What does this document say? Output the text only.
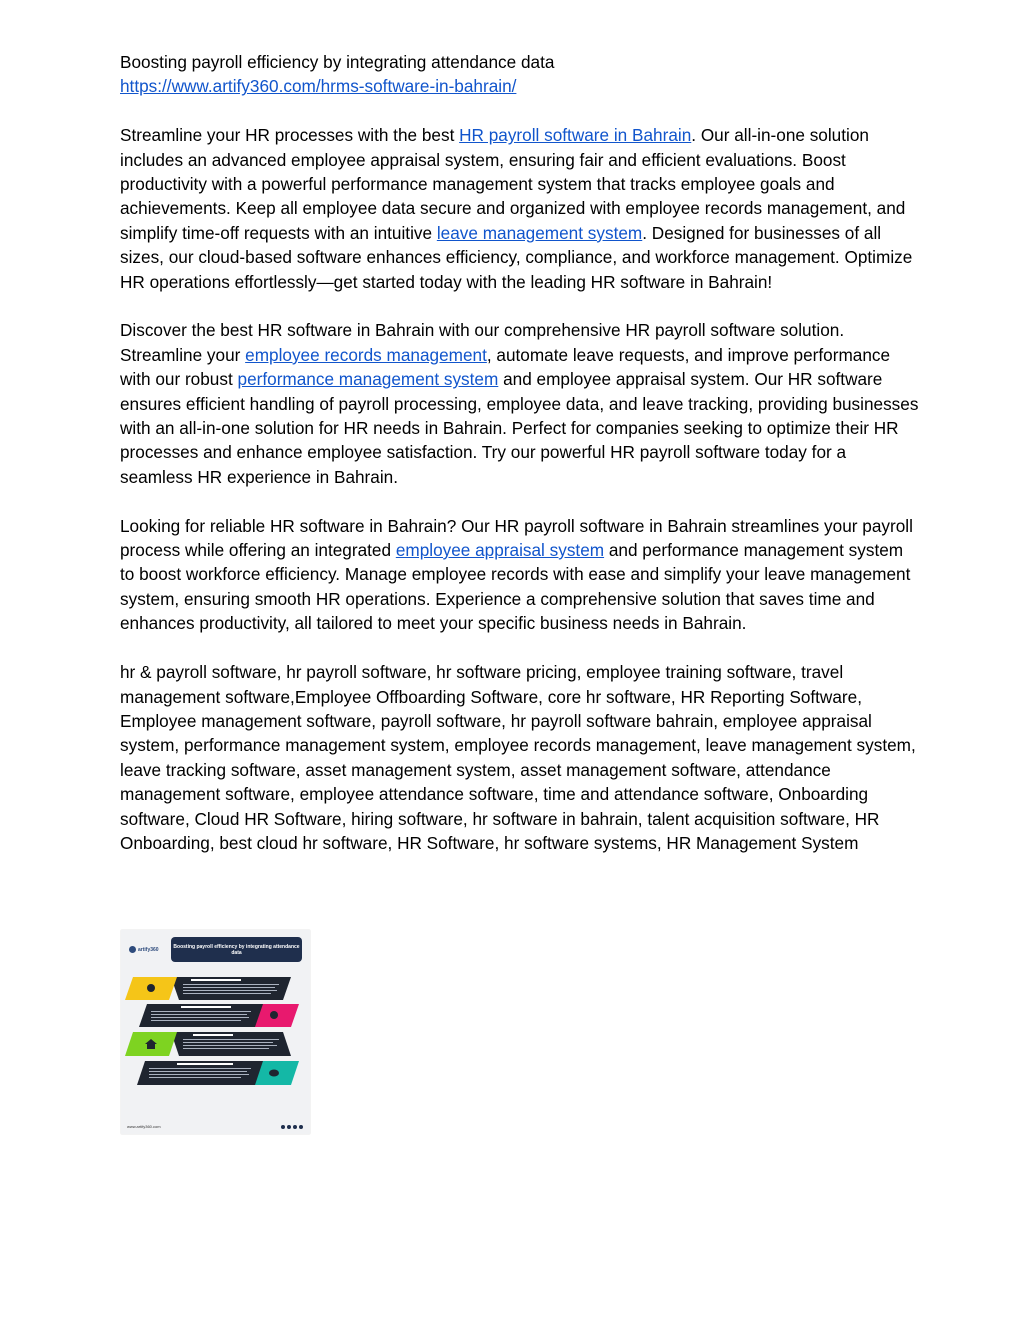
Boosting payroll efficiency by integrating attendance data

https://www.artify360.com/hrms-software-in-bahrain/

Streamline your HR processes with the best HR payroll software in Bahrain. Our all-in-one solution includes an advanced employee appraisal system, ensuring fair and efficient evaluations. Boost productivity with a powerful performance management system that tracks employee goals and achievements. Keep all employee data secure and organized with employee records management, and simplify time-off requests with an intuitive leave management system. Designed for businesses of all sizes, our cloud-based software enhances efficiency, compliance, and workforce management. Optimize HR operations effortlessly—get started today with the leading HR software in Bahrain!

Discover the best HR software in Bahrain with our comprehensive HR payroll software solution. Streamline your employee records management, automate leave requests, and improve performance with our robust performance management system and employee appraisal system. Our HR software ensures efficient handling of payroll processing, employee data, and leave tracking, providing businesses with an all-in-one solution for HR needs in Bahrain. Perfect for companies seeking to optimize their HR processes and enhance employee satisfaction. Try our powerful HR payroll software today for a seamless HR experience in Bahrain.

Looking for reliable HR software in Bahrain? Our HR payroll software in Bahrain streamlines your payroll process while offering an integrated employee appraisal system and performance management system to boost workforce efficiency. Manage employee records with ease and simplify your leave management system, ensuring smooth HR operations. Experience a comprehensive solution that saves time and enhances productivity, all tailored to meet your specific business needs in Bahrain.

hr & payroll software, hr payroll software, hr software pricing, employee training software, travel management software,Employee Offboarding Software, core hr software, HR Reporting Software, Employee management software, payroll software, hr payroll software bahrain, employee appraisal system, performance management system, employee records management, leave management system, leave tracking software, asset management system, asset management software, attendance management software, employee attendance software, time and attendance software, Onboarding software, Cloud HR Software, hiring software, hr software in bahrain, talent acquisition software, HR Onboarding, best cloud hr software, HR Software, hr software systems, HR Management System

artify360	Boosting payroll efficiency by integrating attendance data
www.artify360.com
